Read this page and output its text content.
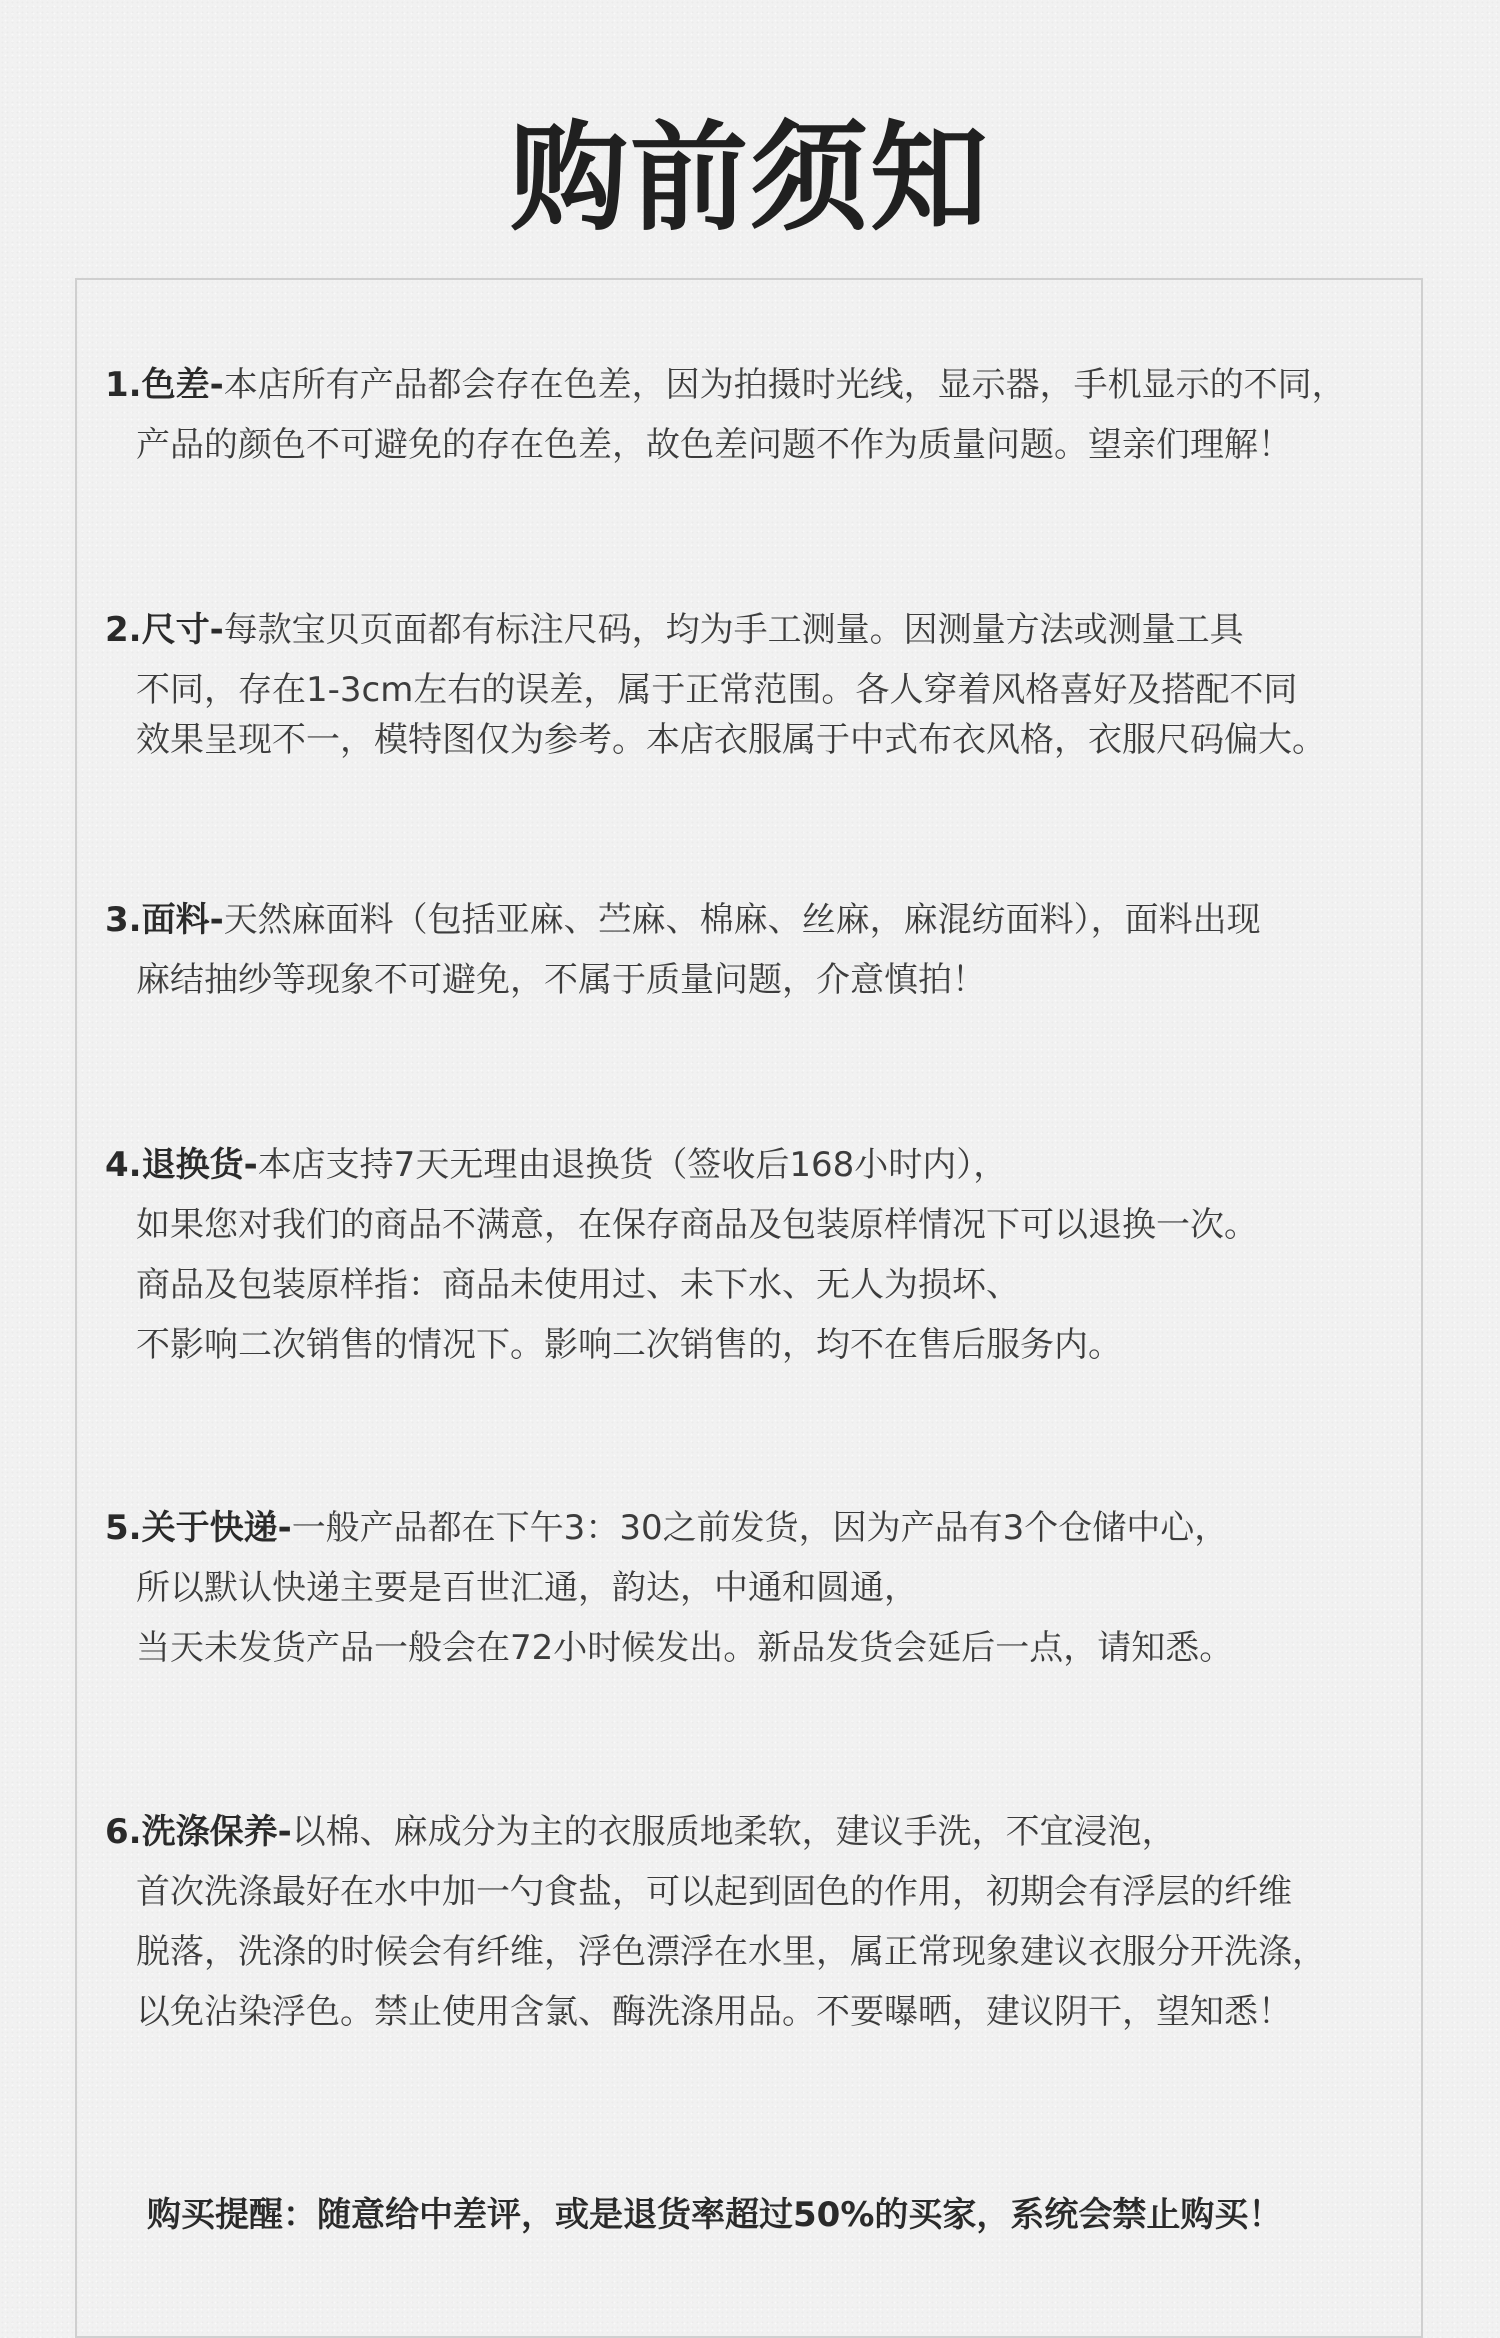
购前须知
1.色差-本店所有产品都会存在色差，因为拍摄时光线，显示器，手机显示的不同，
产品的颜色不可避免的存在色差，故色差问题不作为质量问题。望亲们理解！
2.尺寸-每款宝贝页面都有标注尺码，均为手工测量。因测量方法或测量工具
不同，存在1-3cm左右的误差，属于正常范围。各人穿着风格喜好及搭配不同
效果呈现不一，模特图仅为参考。本店衣服属于中式布衣风格，衣服尺码偏大。
3.面料-天然麻面料（包括亚麻、苎麻、棉麻、丝麻，麻混纺面料），面料出现
麻结抽纱等现象不可避免，不属于质量问题，介意慎拍！
4.退换货-本店支持7天无理由退换货（签收后168小时内），
如果您对我们的商品不满意，在保存商品及包装原样情况下可以退换一次。
商品及包装原样指：商品未使用过、未下水、无人为损坏、
不影响二次销售的情况下。影响二次销售的，均不在售后服务内。
5.关于快递-一般产品都在下午3：30之前发货，因为产品有3个仓储中心，
所以默认快递主要是百世汇通，韵达，中通和圆通，
当天未发货产品一般会在72小时候发出。新品发货会延后一点，请知悉。
6.洗涤保养-以棉、麻成分为主的衣服质地柔软，建议手洗，不宜浸泡，
首次洗涤最好在水中加一勺食盐，可以起到固色的作用，初期会有浮层的纤维
脱落，洗涤的时候会有纤维，浮色漂浮在水里，属正常现象建议衣服分开洗涤，
以免沾染浮色。禁止使用含氯、酶洗涤用品。不要曝晒，建议阴干，望知悉！
购买提醒：随意给中差评，或是退货率超过50%的买家，系统会禁止购买！
